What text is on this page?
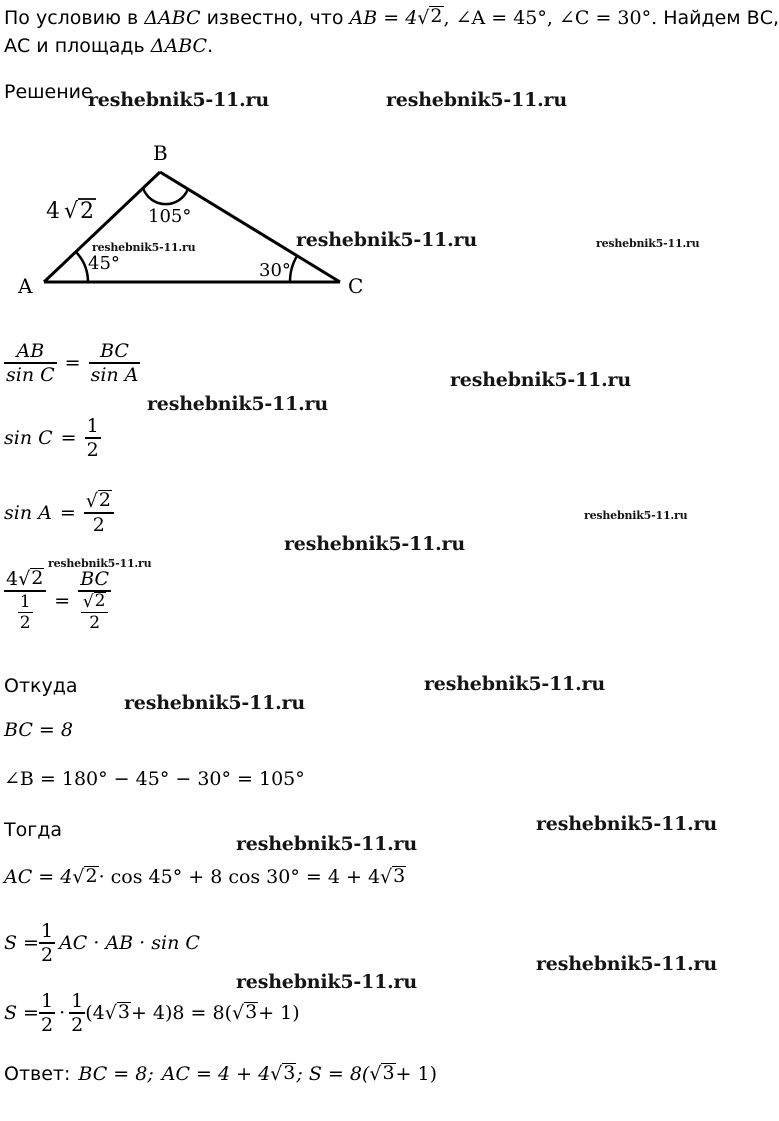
По условию в ΔABC известно, что AB = 4 √ 2 , ∠A = 45°, ∠C = 30°. Найдем ВС,
АС и площадь ΔABC.
Решение
A
B
C
4 √ 2
45°
105°
30°
$\frac{AB}{\text{sin C}} = \frac{BC}{\text{sin A}}$
$\sin C = \frac{1}{2}$
$\sin A = \frac{√ 2}{2}$
$\frac{4 √ 2}{\frac{1}{2}} = \frac{BC}{\frac{√ 2}{2}}$
Откуда
BC = 8
∠B = 180° − 45° − 30° = 105°
Тогда
AC = 4 √ 2 · cos 45° + 8 cos 30° = 4 + 4 √ 3
$S = \frac{1}{2}$ AC · AB · sin C
$S = \frac{1}{2} \cdot \frac{1}{2} (4$ √ 3 + 4)8 = 8( √ 3 + 1)
Ответ: BC = 8; AC = 4 + 4 √ 3 ; S = 8( √ 3 + 1)
reshebnik5-11.ru	reshebnik5-11.ru
reshebnik5-11.ru	reshebnik5-11.ru	reshebnik5-11.ru
reshebnik5-11.ru
reshebnik5-11.ru
reshebnik5-11.ru
reshebnik5-11.ru
reshebnik5-11.ru
reshebnik5-11.ru
reshebnik5-11.ru
reshebnik5-11.ru
reshebnik5-11.ru
reshebnik5-11.ru
reshebnik5-11.ru
